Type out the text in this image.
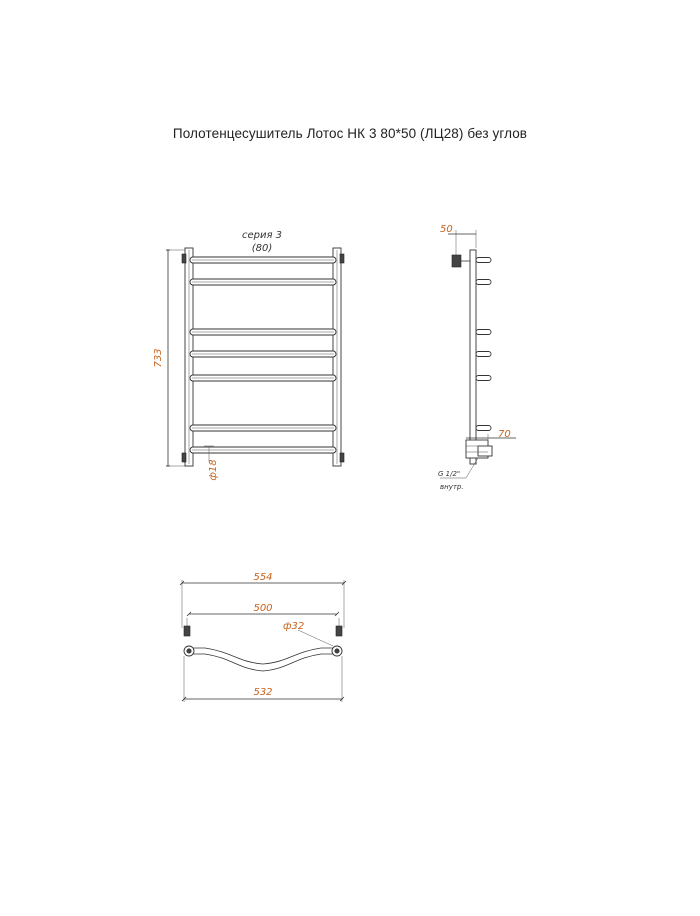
Полотенцесушитель Лотос НК 3 80*50 (ЛЦ28) без углов
733
серия 3
(80)
ф18
50
70
G 1/2"
внутр.
554
500
ф32
532
